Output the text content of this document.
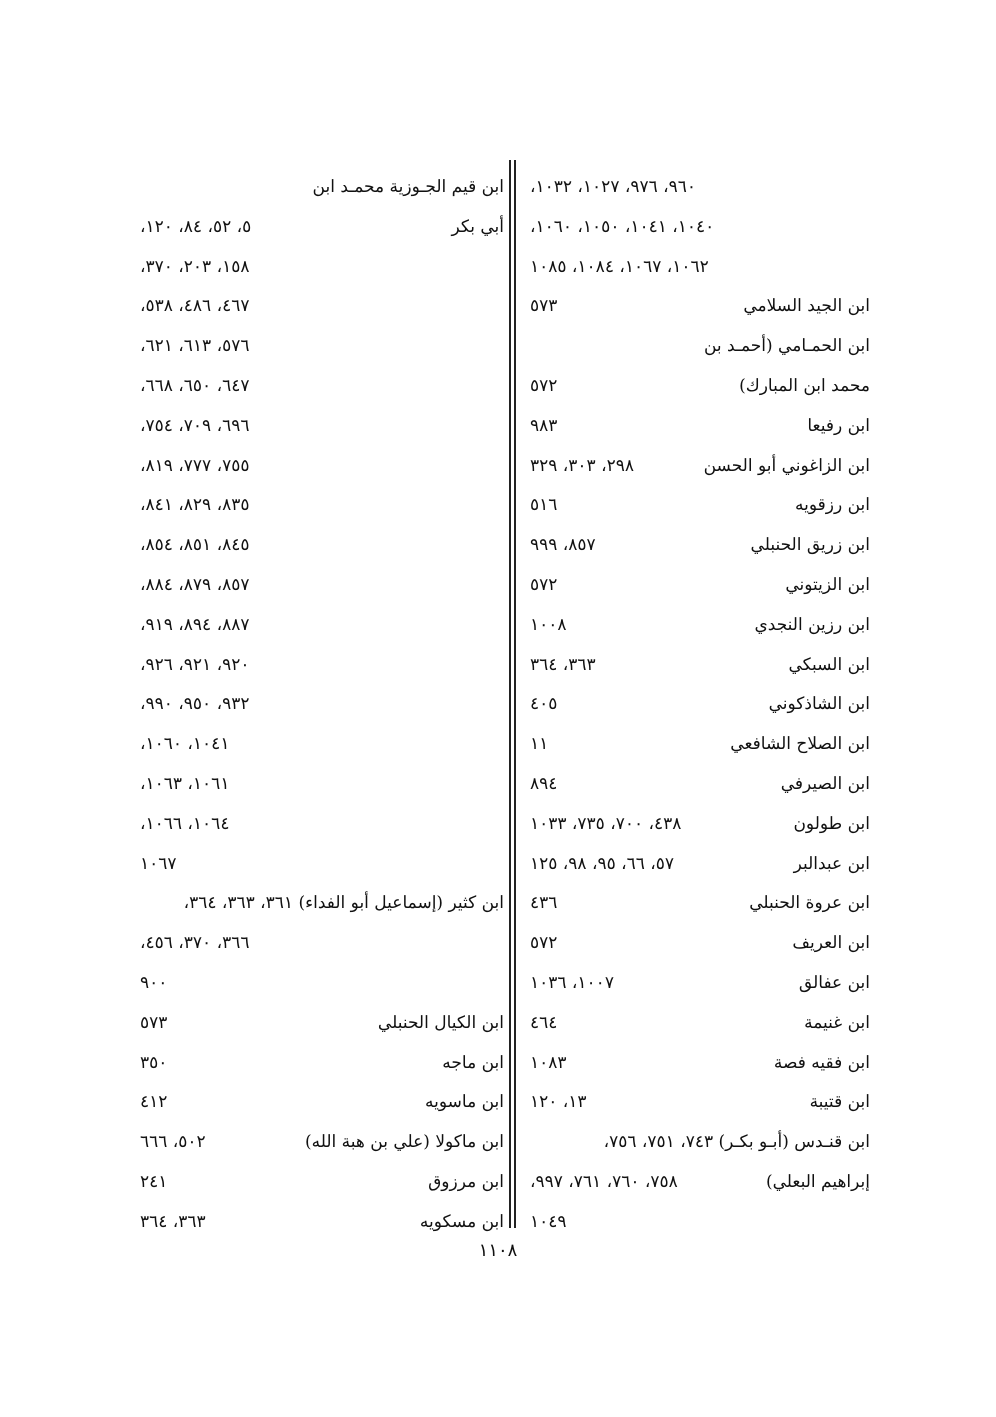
٩٦٠، ٩٧٦، ١٠٢٧، ١٠٣٢،
١٠٤٠، ١٠٤١، ١٠٥٠، ١٠٦٠،
١٠٦٢، ١٠٦٧، ١٠٨٤، ١٠٨٥
ابن الجيد السلامي
٥٧٣
ابن الحمـامي (أحمـد بن
محمد ابن المبارك)
٥٧٢
ابن رفيعا
٩٨٣
ابن الزاغوني أبو الحسن
٢٩٨، ٣٠٣، ٣٢٩
ابن رزقويه
٥١٦
ابن زريق الحنبلي
٨٥٧، ٩٩٩
ابن الزيتوني
٥٧٢
ابن رزين النجدي
١٠٠٨
ابن السبكي
٣٦٣، ٣٦٤
ابن الشاذكوني
٤٠٥
ابن الصلاح الشافعي
١١
ابن الصيرفي
٨٩٤
ابن طولون
٤٣٨، ٧٠٠، ٧٣٥، ١٠٣٣
ابن عبدالبر
٥٧، ٦٦، ٩٥، ٩٨، ١٢٥
ابن عروة الحنبلي
٤٣٦
ابن العريف
٥٧٢
ابن عفالق
١٠٠٧، ١٠٣٦
ابن غنيمة
٤٦٤
ابن فقيه فصة
١٠٨٣
ابن قتيبة
١٣، ١٢٠
ابن قنـدس (أبـو بكـر) ٧٤٣، ٧٥١، ٧٥٦،
إبراهيم البعلي)
٧٥٨، ٧٦٠، ٧٦١، ٩٩٧،
١٠٤٩
ابن قيم الجـوزية محمـد ابن
أبي بكر
٥، ٥٢، ٨٤، ١٢٠،
١٥٨، ٢٠٣، ٣٧٠،
٤٦٧، ٤٨٦، ٥٣٨،
٥٧٦، ٦١٣، ٦٢١،
٦٤٧، ٦٥٠، ٦٦٨،
٦٩٦، ٧٠٩، ٧٥٤،
٧٥٥، ٧٧٧، ٨١٩،
٨٣٥، ٨٢٩، ٨٤١،
٨٤٥، ٨٥١، ٨٥٤،
٨٥٧، ٨٧٩، ٨٨٤،
٨٨٧، ٨٩٤، ٩١٩،
٩٢٠، ٩٢١، ٩٢٦،
٩٣٢، ٩٥٠، ٩٩٠،
١٠٤١، ١٠٦٠،
١٠٦١، ١٠٦٣،
١٠٦٤، ١٠٦٦،
١٠٦٧
ابن كثير (إسماعيل أبو الفداء) ٣٦١، ٣٦٣، ٣٦٤،
٣٦٦، ٣٧٠، ٤٥٦،
٩٠٠
ابن الكيال الحنبلي
٥٧٣
ابن ماجه
٣٥٠
ابن ماسويه
٤١٢
ابن ماكولا (علي بن هبة الله)
٥٠٢، ٦٦٦
ابن مرزوق
٢٤١
ابن مسكويه
٣٦٣، ٣٦٤
١١٠٨
